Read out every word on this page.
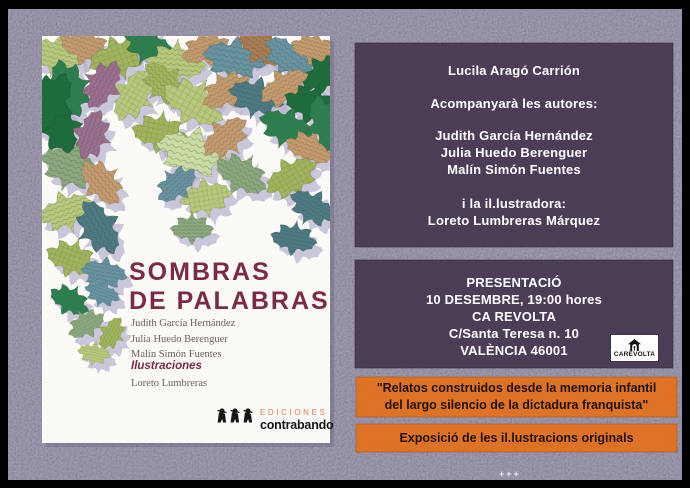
SOMBRAS
DE PALABRAS
Judith García Hernández
Julia Huedo Berenguer
Malín Simón Fuentes
Ilustraciones
Loreto Lumbreras
EDICIONES
contrabando
Lucila Aragó Carrión
Acompanyarà les autores:
Judith García Hernández
Julia Huedo Berenguer
Malín Simón Fuentes
i la il.lustradora:
Loreto Lumbreras Márquez
PRESENTACIÓ
10 DESEMBRE, 19:00 hores
CA REVOLTA
C/Santa Teresa n. 10
VALÈNCIA 46001	CAREVOLTA
"Relatos construidos desde la memoria infantil
del largo silencio de la dictadura franquista"
Exposició de les il.lustracions originals
+++
